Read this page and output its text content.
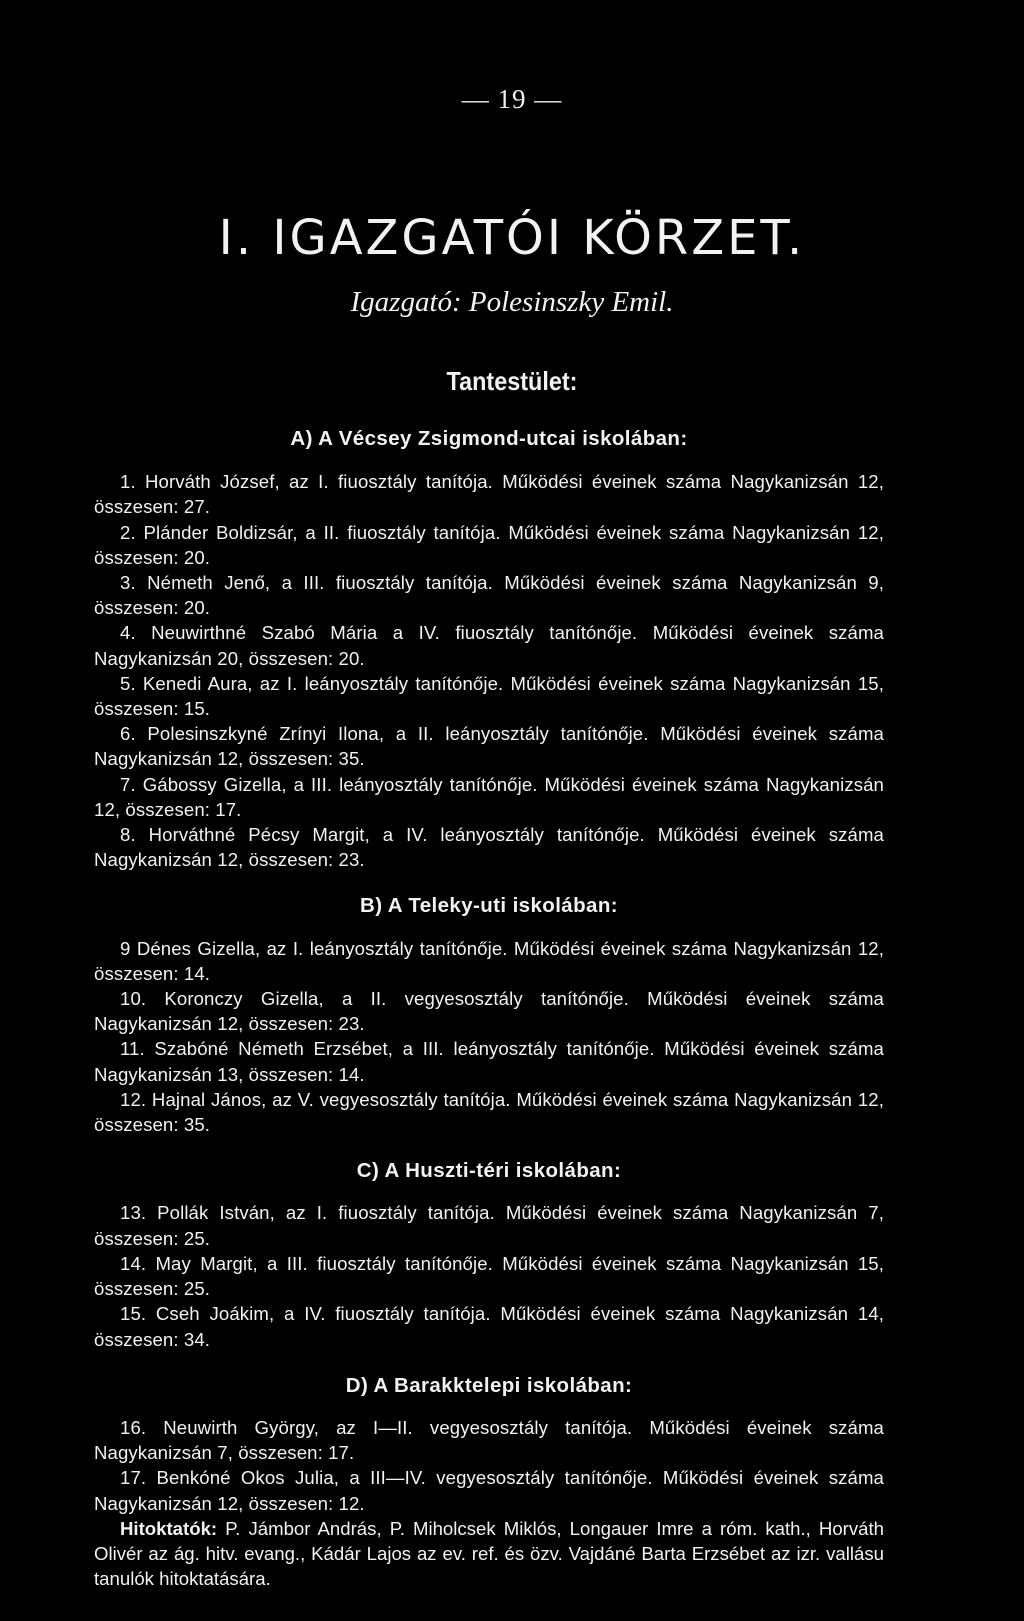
— 19 —
I. IGAZGATÓI KÖRZET.
Igazgató: Polesinszky Emil.
Tantestület:

A) A Vécsey Zsigmond-utcai iskolában:

1. Horváth József, az I. fiuosztály tanítója. Működési éveinek száma Nagykanizsán 12, összesen: 27.

2. Plánder Boldizsár, a II. fiuosztály tanítója. Működési éveinek száma Nagykanizsán 12, összesen: 20.

3. Németh Jenő, a III. fiuosztály tanítója. Működési éveinek száma Nagykanizsán 9, összesen: 20.

4. Neuwirthné Szabó Mária a IV. fiuosztály tanítónője. Működési éveinek száma Nagykanizsán 20, összesen: 20.

5. Kenedi Aura, az I. leányosztály tanítónője. Működési éveinek száma Nagykanizsán 15, összesen: 15.

6. Polesinszkyné Zrínyi Ilona, a II. leányosztály tanítónője. Működési éveinek száma Nagykanizsán 12, összesen: 35.

7. Gábossy Gizella, a III. leányosztály tanítónője. Működési éveinek száma Nagykanizsán 12, összesen: 17.

8. Horváthné Pécsy Margit, a IV. leányosztály tanítónője. Működési éveinek száma Nagykanizsán 12, összesen: 23.

B) A Teleky-uti iskolában:

9 Dénes Gizella, az I. leányosztály tanítónője. Működési éveinek száma Nagykanizsán 12, összesen: 14.

10. Koronczy Gizella, a II. vegyesosztály tanítónője. Működési éveinek száma Nagykanizsán 12, összesen: 23.

11. Szabóné Németh Erzsébet, a III. leányosztály tanítónője. Működési éveinek száma Nagykanizsán 13, összesen: 14.

12. Hajnal János, az V. vegyesosztály tanítója. Működési éveinek száma Nagykanizsán 12, összesen: 35.

C) A Huszti-téri iskolában:

13. Pollák István, az I. fiuosztály tanítója. Működési éveinek száma Nagykanizsán 7, összesen: 25.

14. May Margit, a III. fiuosztály tanítónője. Működési éveinek száma Nagykanizsán 15, összesen: 25.

15. Cseh Joákim, a IV. fiuosztály tanítója. Működési éveinek száma Nagykanizsán 14, összesen: 34.

D) A Barakktelepi iskolában:

16. Neuwirth György, az I—II. vegyesosztály tanítója. Működési éveinek száma Nagykanizsán 7, összesen: 17.

17. Benkóné Okos Julia, a III—IV. vegyesosztály tanítónője. Működési éveinek száma Nagykanizsán 12, összesen: 12.

Hitoktatók: P. Jámbor András, P. Miholcsek Miklós, Longauer Imre a róm. kath., Horváth Olivér az ág. hitv. evang., Kádár Lajos az ev. ref. és özv. Vajdáné Barta Erzsébet az izr. vallásu tanulók hitoktatására.
